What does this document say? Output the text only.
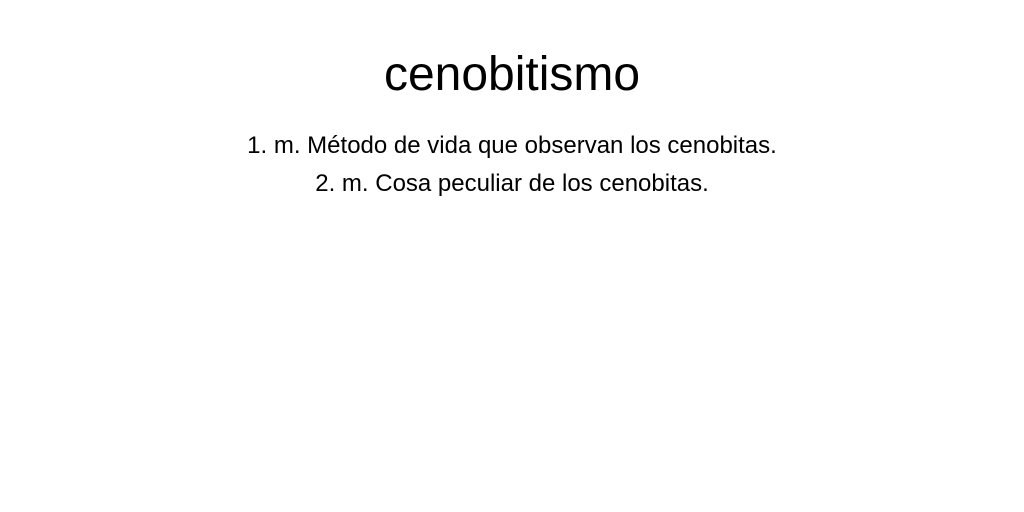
cenobitismo
1. m. Método de vida que observan los cenobitas.
2. m. Cosa peculiar de los cenobitas.
